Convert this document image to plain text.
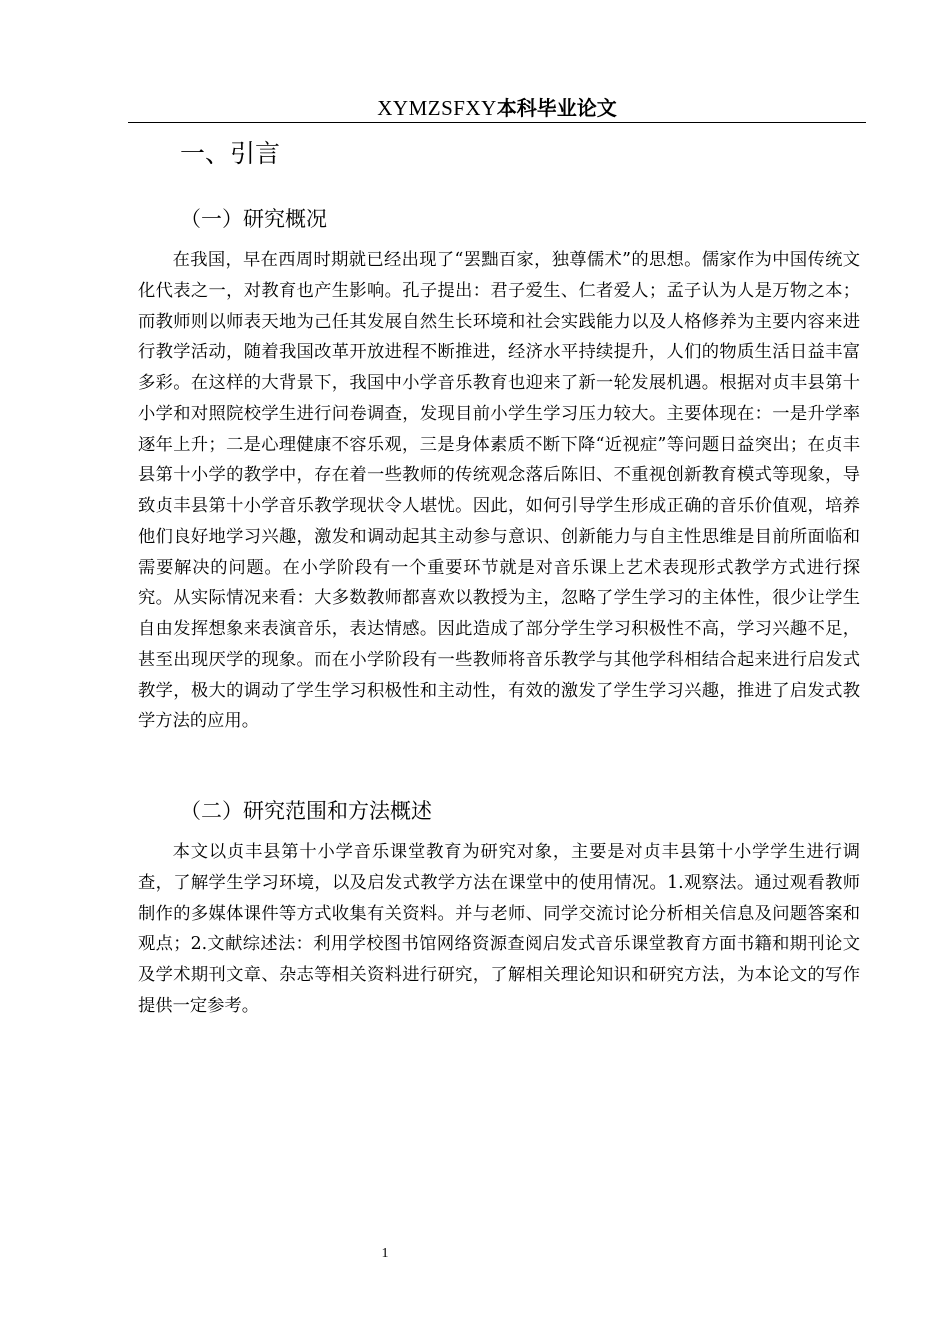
XYMZSFXY本科毕业论文
一、引言
（一）研究概况

在我国，早在西周时期就已经出现了“罢黜百家，独尊儒术”的思想。儒家作为中国传统文化代表之一，对教育也产生影响。孔子提出：君子爱生、仁者爱人；孟子认为人是万物之本；而教师则以师表天地为己任其发展自然生长环境和社会实践能力以及人格修养为主要内容来进行教学活动，随着我国改革开放进程不断推进，经济水平持续提升，人们的物质生活日益丰富多彩。在这样的大背景下，我国中小学音乐教育也迎来了新一轮发展机遇。根据对贞丰县第十小学和对照院校学生进行问卷调查，发现目前小学生学习压力较大。主要体现在：一是升学率逐年上升；二是心理健康不容乐观，三是身体素质不断下降“近视症”等问题日益突出；在贞丰县第十小学的教学中，存在着一些教师的传统观念落后陈旧、不重视创新教育模式等现象，导致贞丰县第十小学音乐教学现状令人堪忧。因此，如何引导学生形成正确的音乐价值观，培养他们良好地学习兴趣，激发和调动起其主动参与意识、创新能力与自主性思维是目前所面临和需要解决的问题。在小学阶段有一个重要环节就是对音乐课上艺术表现形式教学方式进行探究。从实际情况来看：大多数教师都喜欢以教授为主，忽略了学生学习的主体性，很少让学生自由发挥想象来表演音乐，表达情感。因此造成了部分学生学习积极性不高，学习兴趣不足，甚至出现厌学的现象。而在小学阶段有一些教师将音乐教学与其他学科相结合起来进行启发式教学，极大的调动了学生学习积极性和主动性，有效的激发了学生学习兴趣，推进了启发式教学方法的应用。

（二）研究范围和方法概述

本文以贞丰县第十小学音乐课堂教育为研究对象，主要是对贞丰县第十小学学生进行调查，了解学生学习环境，以及启发式教学方法在课堂中的使用情况。1.观察法。通过观看教师制作的多媒体课件等方式收集有关资料。并与老师、同学交流讨论分析相关信息及问题答案和观点；2.文献综述法：利用学校图书馆网络资源查阅启发式音乐课堂教育方面书籍和期刊论文及学术期刊文章、杂志等相关资料进行研究，了解相关理论知识和研究方法，为本论文的写作提供一定参考。

1
